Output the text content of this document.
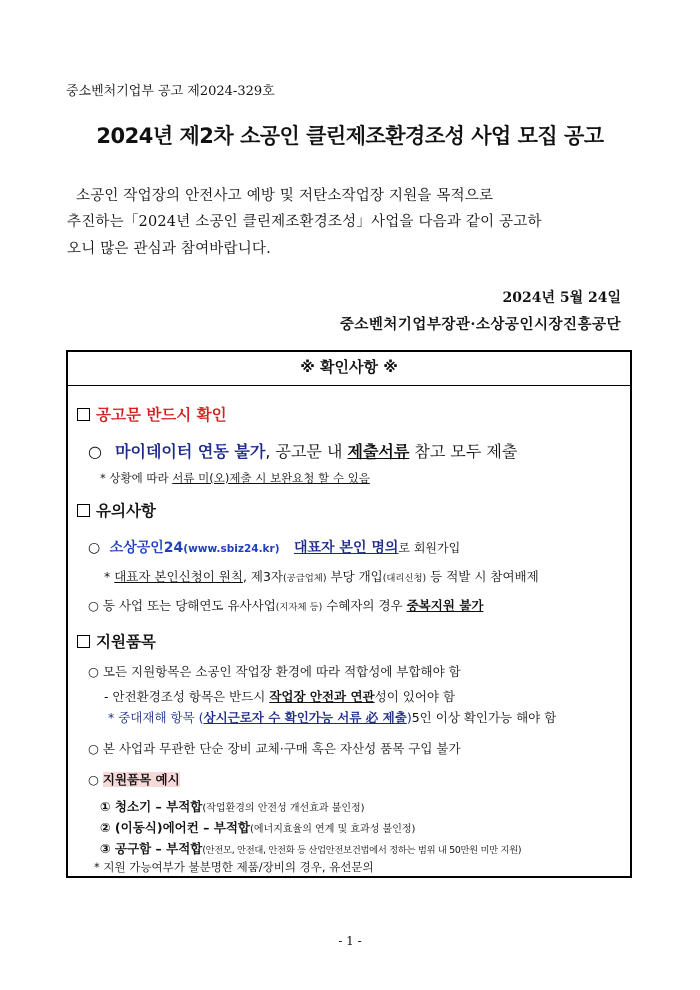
중소벤처기업부 공고 제2024-329호
2024년 제2차 소공인 클린제조환경조성 사업 모집 공고
소공인 작업장의 안전사고 예방 및 저탄소작업장 지원을 목적으로
추진하는「2024년 소공인 클린제조환경조성」사업을 다음과 같이 공고하
오니 많은 관심과 참여바랍니다.
2024년 5월 24일
중소벤처기업부장관·소상공인시장진흥공단
※ 확인사항 ※
공고문 반드시 확인
○ 마이데이터 연동 불가, 공고문 내 제출서류 참고 모두 제출
* 상황에 따라 서류 미(오)제출 시 보완요청 할 수 있음
유의사항
○ 소상공인24(www.sbiz24.kr) 대표자 본인 명의로 회원가입
* 대표자 본인신청이 원칙, 제3자(공급업체) 부당 개입(대리신청) 등 적발 시 참여배제
○ 동 사업 또는 당해연도 유사사업(지자체 등) 수혜자의 경우 중복지원 불가
지원품목
○ 모든 지원항목은 소공인 작업장 환경에 따라 적합성에 부합해야 함
- 안전환경조성 항목은 반드시 작업장 안전과 연관성이 있어야 함
* 중대재해 항목 (상시근로자 수 확인가능 서류 必 제출)5인 이상 확인가능 해야 함
○ 본 사업과 무관한 단순 장비 교체·구매 혹은 자산성 품목 구입 불가
○ 지원품목 예시
① 청소기 – 부적합(작업환경의 안전성 개선효과 불인정)
② (이동식)에어컨 – 부적합(에너지효율의 연계 및 효과성 불인정)
③ 공구함 – 부적합(안전모, 안전대, 안전화 등 산업안전보건법에서 정하는 범위 내 50만원 미만 지원)
* 지원 가능여부가 불분명한 제품/장비의 경우, 유선문의
- 1 -
